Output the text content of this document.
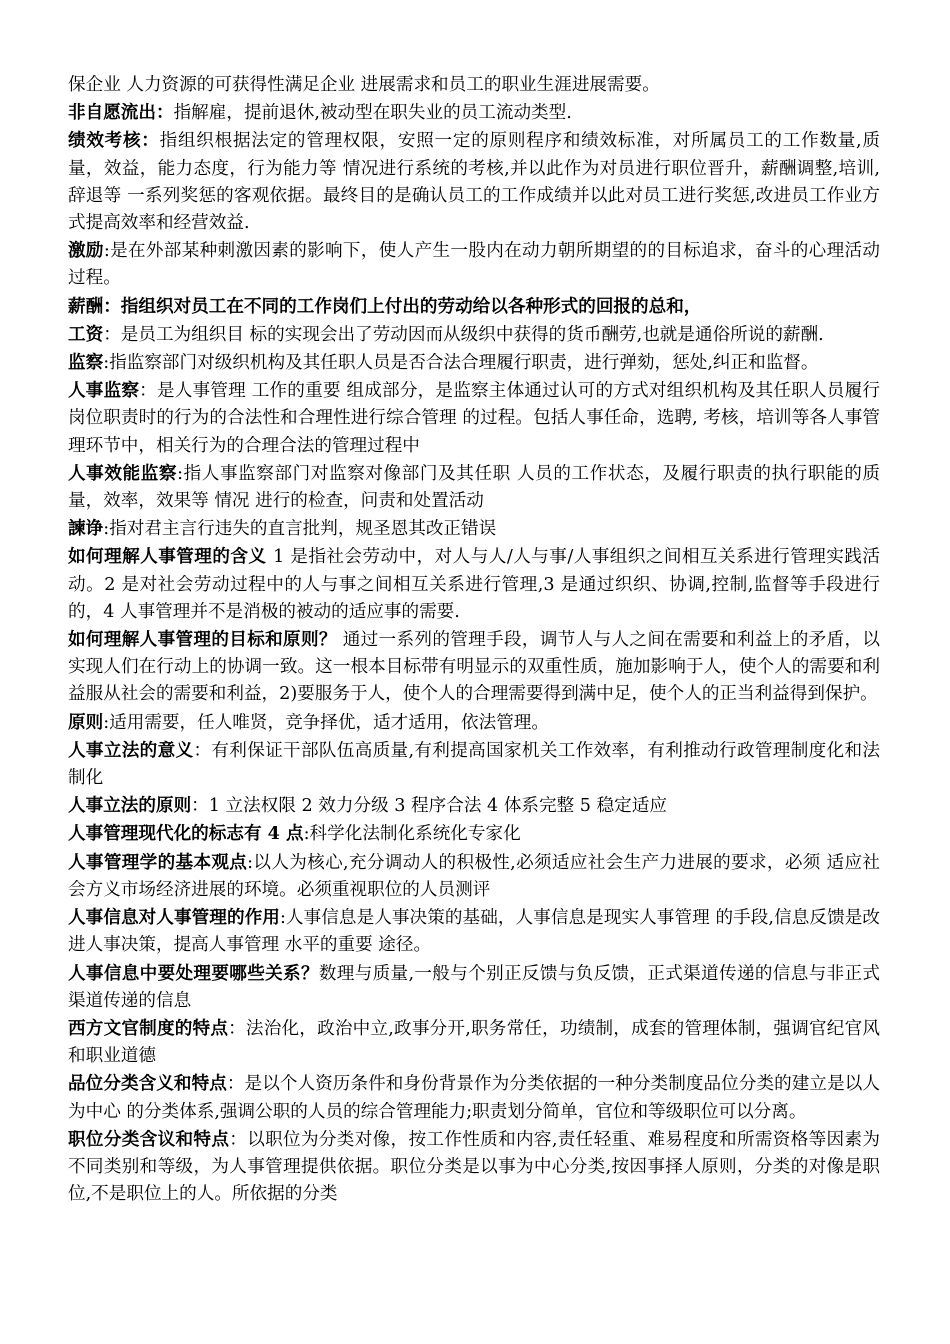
保企业 人力资源的可获得性满足企业 进展需求和员工的职业生涯进展需要。

非自愿流出：指解雇，提前退休,被动型在职失业的员工流动类型.

绩效考核：指组织根据法定的管理权限，安照一定的原则程序和绩效标准，对所属员工的工作数量,质量，效益，能力态度，行为能力等 情况进行系统的考核,并以此作为对员进行职位晋升，薪酬调整,培训,辞退等 一系列奖惩的客观依据。最终目的是确认员工的工作成绩并以此对员工进行奖惩,改进员工作业方式提高效率和经营效益.

激励:是在外部某种刺激因素的影响下，使人产生一股内在动力朝所期望的的目标追求，奋斗的心理活动过程。

薪酬：指组织对员工在不同的工作岗们上付出的劳动给以各种形式的回报的总和，

工资：是员工为组织目 标的实现会出了劳动因而从级织中获得的货币酬劳,也就是通俗所说的薪酬.

监察:指监察部门对级织机构及其任职人员是否合法合理履行职责，进行弹劾，惩处,纠正和监督。

人事监察：是人事管理 工作的重要 组成部分，是监察主体通过认可的方式对组织机构及其任职人员履行岗位职责时的行为的合法性和合理性进行综合管理 的过程。包括人事任命，选聘, 考核，培训等各人事管理环节中，相关行为的合理合法的管理过程中

人事效能监察:指人事监察部门对监察对像部门及其任职 人员的工作状态，及履行职责的执行职能的质量，效率，效果等 情况 进行的检查，问责和处置活动

諫诤:指对君主言行违失的直言批判，规圣恩其改正错误

如何理解人事管理的含义 1 是指社会劳动中，对人与人/人与事/人事组织之间相互关系进行管理实践活动。2 是对社会劳动过程中的人与事之间相互关系进行管理,3 是通过织织、协调,控制,监督等手段进行的，4 人事管理并不是消极的被动的适应事的需要.

如何理解人事管理的目标和原则？ 通过一系列的管理手段，调节人与人之间在需要和利益上的矛盾，以实现人们在行动上的协调一致。这一根本目标带有明显示的双重性质，施加影响于人，使个人的需要和利益服从社会的需要和利益，2)要服务于人，使个人的合理需要得到满中足，使个人的正当利益得到保护。

原则:适用需要，任人唯贤，竞争择优，适才适用，依法管理。

人事立法的意义：有利保证干部队伍高质量,有利提高国家机关工作效率，有利推动行政管理制度化和法制化

人事立法的原则：1 立法权限 2 效力分级 3 程序合法 4 体系完整 5 稳定适应

人事管理现代化的标志有 4 点:科学化法制化系统化专家化

人事管理学的基本观点:以人为核心,充分调动人的积极性,必须适应社会生产力进展的要求，必须 适应社会方义市场经济进展的环境。必须重视职位的人员测评

人事信息对人事管理的作用:人事信息是人事决策的基础，人事信息是现实人事管理 的手段,信息反馈是改进人事决策，提高人事管理 水平的重要 途径。

人事信息中要处理要哪些关系？数理与质量,一般与个别正反馈与负反馈，正式渠道传递的信息与非正式渠道传递的信息

西方文官制度的特点：法治化，政治中立,政事分开,职务常任，功绩制，成套的管理体制，强调官纪官风和职业道德

品位分类含义和特点：是以个人资历条件和身份背景作为分类依据的一种分类制度品位分类的建立是以人为中心 的分类体系,强调公职的人员的综合管理能力;职责划分简单，官位和等级职位可以分离。

职位分类含议和特点：以职位为分类对像，按工作性质和内容,责任轻重、难易程度和所需资格等因素为不同类别和等级，为人事管理提供依据。职位分类是以事为中心分类,按因事择人原则，分类的对像是职位,不是职位上的人。所依据的分类
